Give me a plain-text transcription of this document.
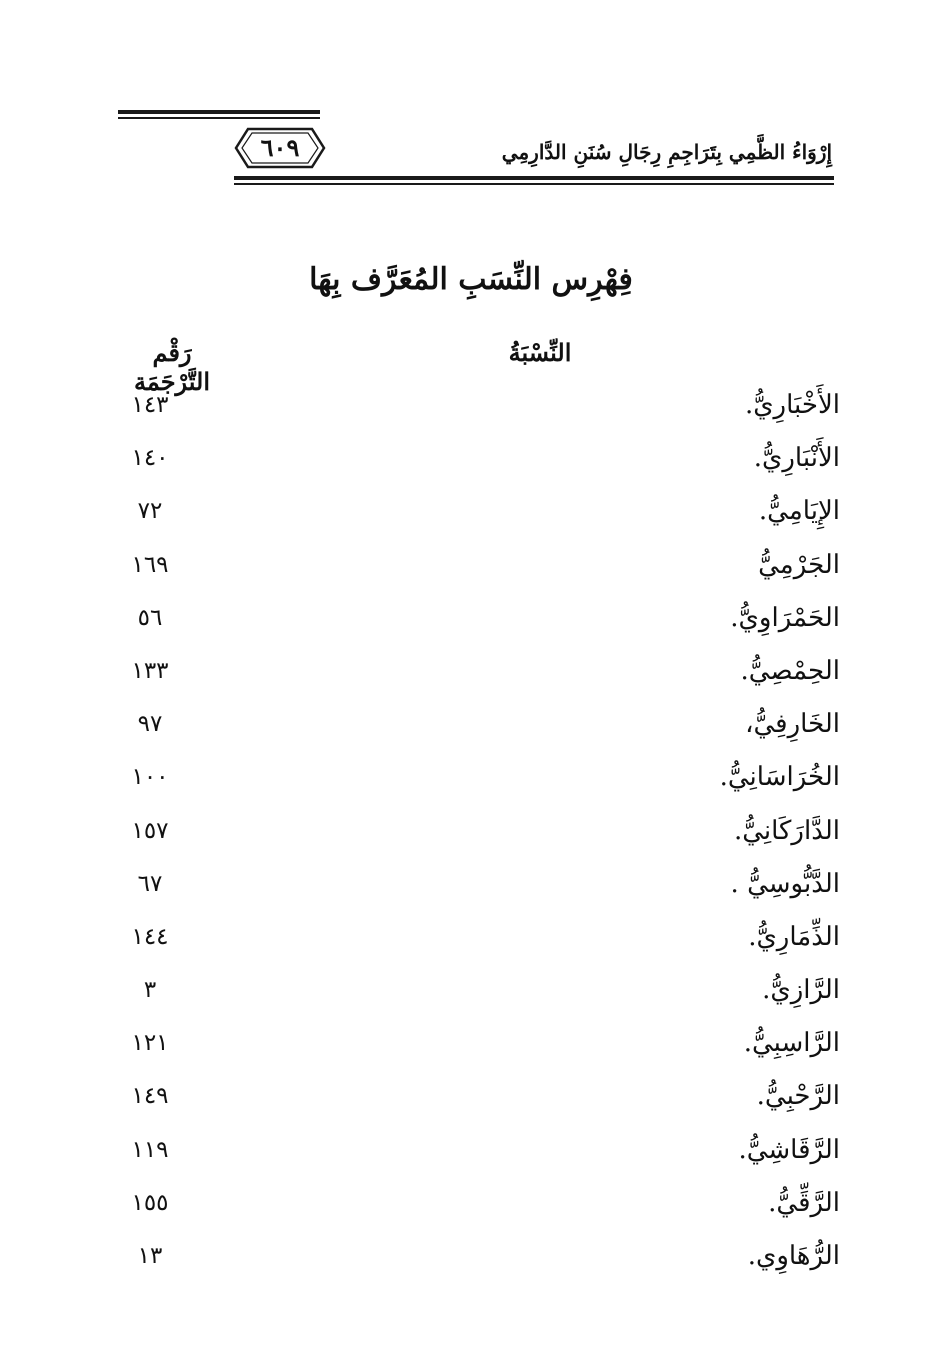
٦٠٩	إِرْوَاءُ الظَّمِي بِتَرَاجِمِ رِجَالِ سُنَنِ الدَّارِمِي
فِهْرِس النِّسَبِ المُعَرَّف بِهَا
النِّسْبَةُ
رَقْم التَّرْجَمَة
الأَخْبَارِيُّ.
١٤٣
الأَنْبَارِيُّ.
١٤٠
الإِيَامِيُّ.
٧٢
الجَرْمِيُّ
١٦٩
الحَمْرَاوِيُّ.
٥٦
الحِمْصِيُّ.
١٣٣
الخَارِفِيُّ،
٩٧
الخُرَاسَانِيُّ.
١٠٠
الدَّارَكَانِيُّ.
١٥٧
الدَّبُّوسِيُّ .
٦٧
الذِّمَارِيُّ.
١٤٤
الرَّازِيُّ.
٣
الرَّاسِبِيُّ.
١٢١
الرَّحْبِيُّ.
١٤٩
الرَّقَاشِيُّ.
١١٩
الرَّقِّيُّ.
١٥٥
الرُّهَاوِي.
١٣
